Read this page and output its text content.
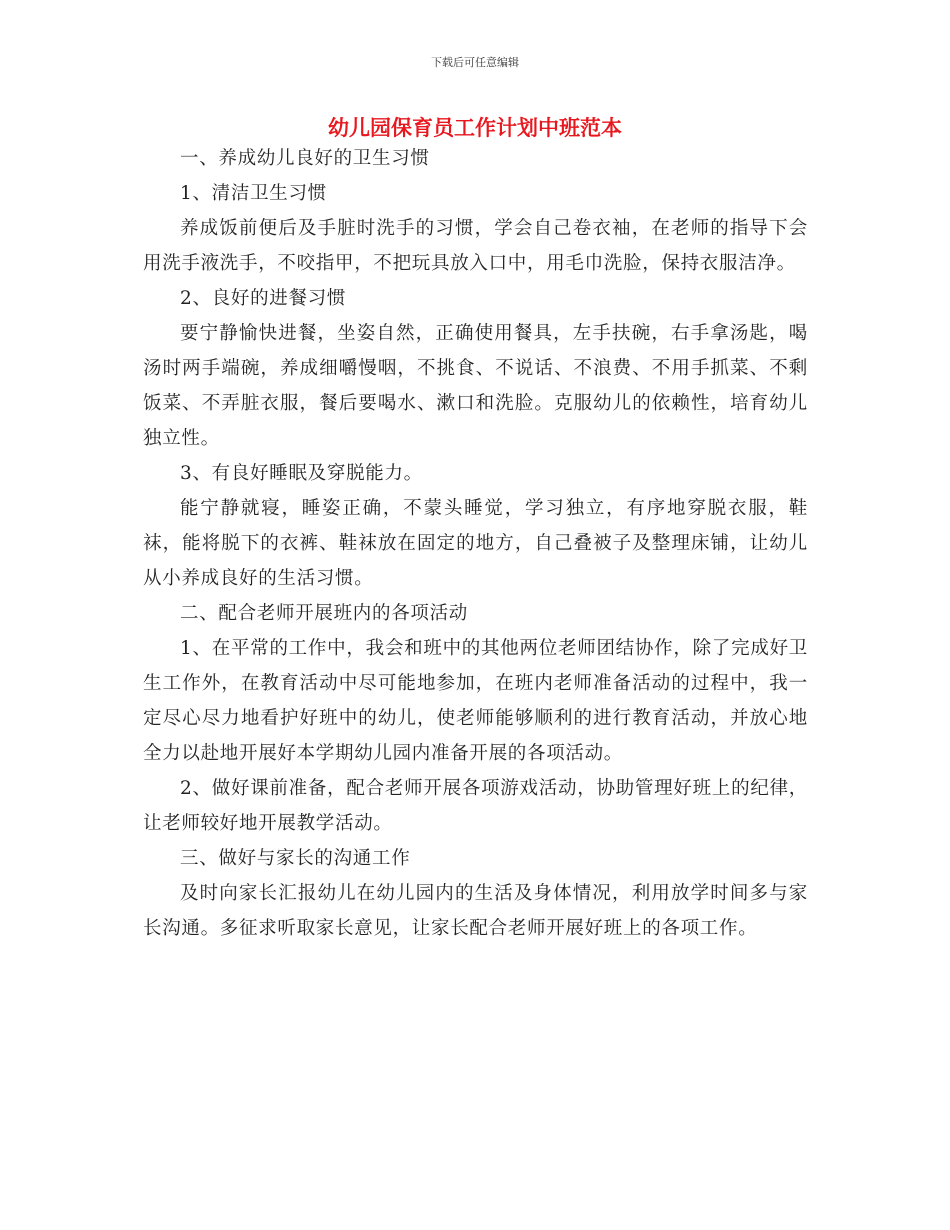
下载后可任意编辑
幼儿园保育员工作计划中班范本

一、养成幼儿良好的卫生习惯

1、清洁卫生习惯

养成饭前便后及手脏时洗手的习惯，学会自己卷衣袖，在老师的指导下会用洗手液洗手，不咬指甲，不把玩具放入口中，用毛巾洗脸，保持衣服洁净。

2、良好的进餐习惯

要宁静愉快进餐，坐姿自然，正确使用餐具，左手扶碗，右手拿汤匙，喝汤时两手端碗，养成细嚼慢咽，不挑食、不说话、不浪费、不用手抓菜、不剩饭菜、不弄脏衣服，餐后要喝水、漱口和洗脸。克服幼儿的依赖性，培育幼儿独立性。

3、有良好睡眠及穿脱能力。

能宁静就寝，睡姿正确，不蒙头睡觉，学习独立，有序地穿脱衣服，鞋袜，能将脱下的衣裤、鞋袜放在固定的地方，自己叠被子及整理床铺，让幼儿从小养成良好的生活习惯。

二、配合老师开展班内的各项活动

1、在平常的工作中，我会和班中的其他两位老师团结协作，除了完成好卫生工作外，在教育活动中尽可能地参加，在班内老师准备活动的过程中，我一定尽心尽力地看护好班中的幼儿，使老师能够顺利的进行教育活动，并放心地全力以赴地开展好本学期幼儿园内准备开展的各项活动。

2、做好课前准备，配合老师开展各项游戏活动，协助管理好班上的纪律，让老师较好地开展教学活动。

三、做好与家长的沟通工作

及时向家长汇报幼儿在幼儿园内的生活及身体情况，利用放学时间多与家长沟通。多征求听取家长意见，让家长配合老师开展好班上的各项工作。
